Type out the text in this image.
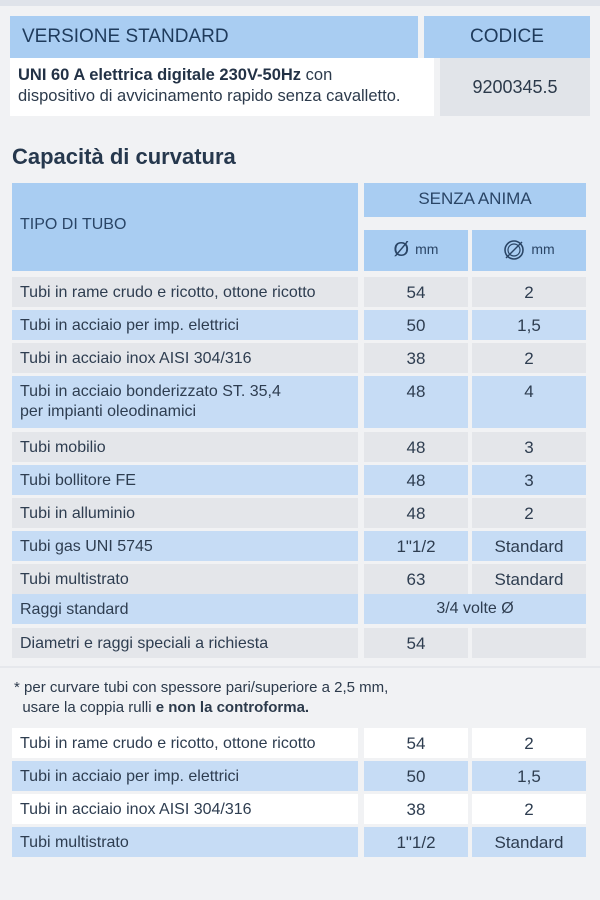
VERSIONE STANDARD	CODICE
UNI 60 A elettrica digitale 230V-50Hz con
dispositivo di avvicinamento rapido senza cavalletto.	9200345.5
Capacità di curvatura
TIPO DI TUBO
SENZA ANIMA
Ø mm	mm
Tubi in rame crudo e ricotto, ottone ricotto	54	2
Tubi in acciaio per imp. elettrici	50	1,5
Tubi in acciaio inox AISI 304/316	38	2
Tubi in acciaio bonderizzato ST. 35,4
per impianti oleodinamici
48	4
Tubi mobilio	48	3
Tubi bollitore FE	48	3
Tubi in alluminio	48	2
Tubi gas UNI 5745	1"1/2	Standard
Tubi multistrato	63	Standard
Raggi standard	3/4 volte Ø
Diametri e raggi speciali a richiesta	54
* per curvare tubi con spessore pari/superiore a 2,5 mm,
usare la coppia rulli e non la controforma.
Tubi in rame crudo e ricotto, ottone ricotto	54	2
Tubi in acciaio per imp. elettrici	50	1,5
Tubi in acciaio inox AISI 304/316	38	2
Tubi multistrato	1"1/2	Standard
